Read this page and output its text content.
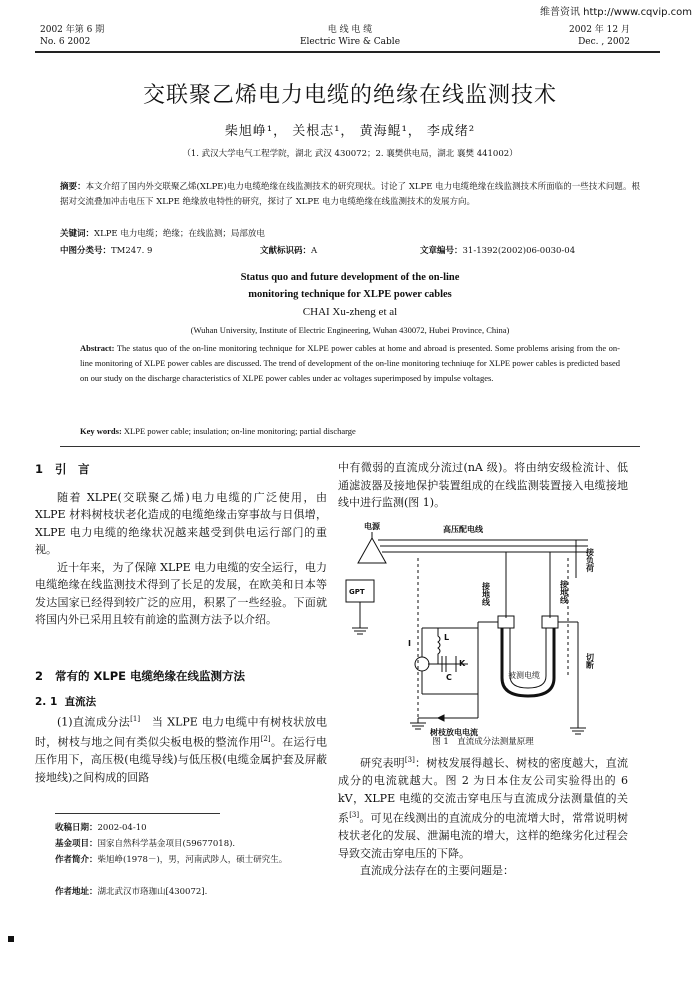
维普资讯 http://www.cqvip.com
2002 年第 6 期
No. 6 2002
电 线 电 缆
Electric Wire & Cable
2002 年 12 月
Dec. , 2002
交联聚乙烯电力电缆的绝缘在线监测技术
柴旭峥¹， 关根志¹， 黄海鲲¹， 李成绪²
（1. 武汉大学电气工程学院，湖北 武汉 430072；2. 襄樊供电局，湖北 襄樊 441002）
摘要：本文介绍了国内外交联聚乙烯(XLPE)电力电缆绝缘在线监测技术的研究现状。讨论了 XLPE 电力电缆绝缘在线监测技术所面临的一些技术问题。根据对交流叠加冲击电压下 XLPE 绝缘放电特性的研究，探讨了 XLPE 电力电缆绝缘在线监测技术的发展方向。
关键词：XLPE 电力电缆；绝缘；在线监测；局部放电
中图分类号：TM247. 9	文献标识码：A	文章编号：31-1392(2002)06-0030-04
Status quo and future development of the on-line
monitoring technique for XLPE power cables
CHAI Xu-zheng et al
(Wuhan University, Institute of Electric Engineering, Wuhan 430072, Hubei Province, China)
Abstract: The status quo of the on-line monitoring technique for XLPE power cables at home and abroad is presented. Some problems arising from the on-line monitoring of XLPE power cables are discussed. The trend of development of the on-line monitoring techniuqe for XLPE power cables is predicted based on our study on the discharge characteristics of XLPE power cables under ac voltages superimposed by impulse voltages.
Key words: XLPE power cable; insulation; on-line monitoring; partial discharge
1 引　言

随着 XLPE(交联聚乙烯)电力电缆的广泛使用，由 XLPE 材料树枝状老化造成的电缆绝缘击穿事故与日俱增，XLPE 电力电缆的绝缘状况越来越受到供电运行部门的重视。

近十年来，为了保障 XLPE 电力电缆的安全运行，电力电缆绝缘在线监测技术得到了长足的发展，在欧美和日本等发达国家已经得到较广泛的应用，积累了一些经验。下面就将国内外已采用且较有前途的监测方法予以介绍。

2 常有的 XLPE 电缆绝缘在线监测方法
2. 1 直流法

(1)直流成分法[1]　当 XLPE 电力电缆中有树枝状放电时，树枝与地之间有类似尖板电极的整流作用[2]。在运行电压作用下，高压极(电缆导线)与低压极(电缆金属护套及屏蔽接地线)之间构成的回路

收稿日期：2002-04-10
基金项目：国家自然科学基金项目(59677018).
作者简介：柴旭峥(1978－)，男，河南武陟人，硕士研究生。
作者地址：湖北武汉市珞珈山[430072].

中有微弱的直流成分流过(nA 级)。将由纳安级检流计、低通滤波器及接地保护装置组成的在线监测装置接入电缆接地线中进行监测(图 1)。

电源	高压配电线
接负荷
GPT	接地线	接地线
L
C
K
I
切断
被测电缆
树枝放电电流
图 1　直流成分法测量原理

研究表明[3]：树枝发展得越长、树枝的密度越大，直流成分的电流就越大。图 2 为日本住友公司实验得出的 6 kV，XLPE 电缆的交流击穿电压与直流成分法测量值的关系[3]。可见在线测出的直流成分的电流增大时，常常说明树枝状老化的发展、泄漏电流的增大，这样的绝缘劣化过程会导致交流击穿电压的下降。

直流成分法存在的主要问题是：
